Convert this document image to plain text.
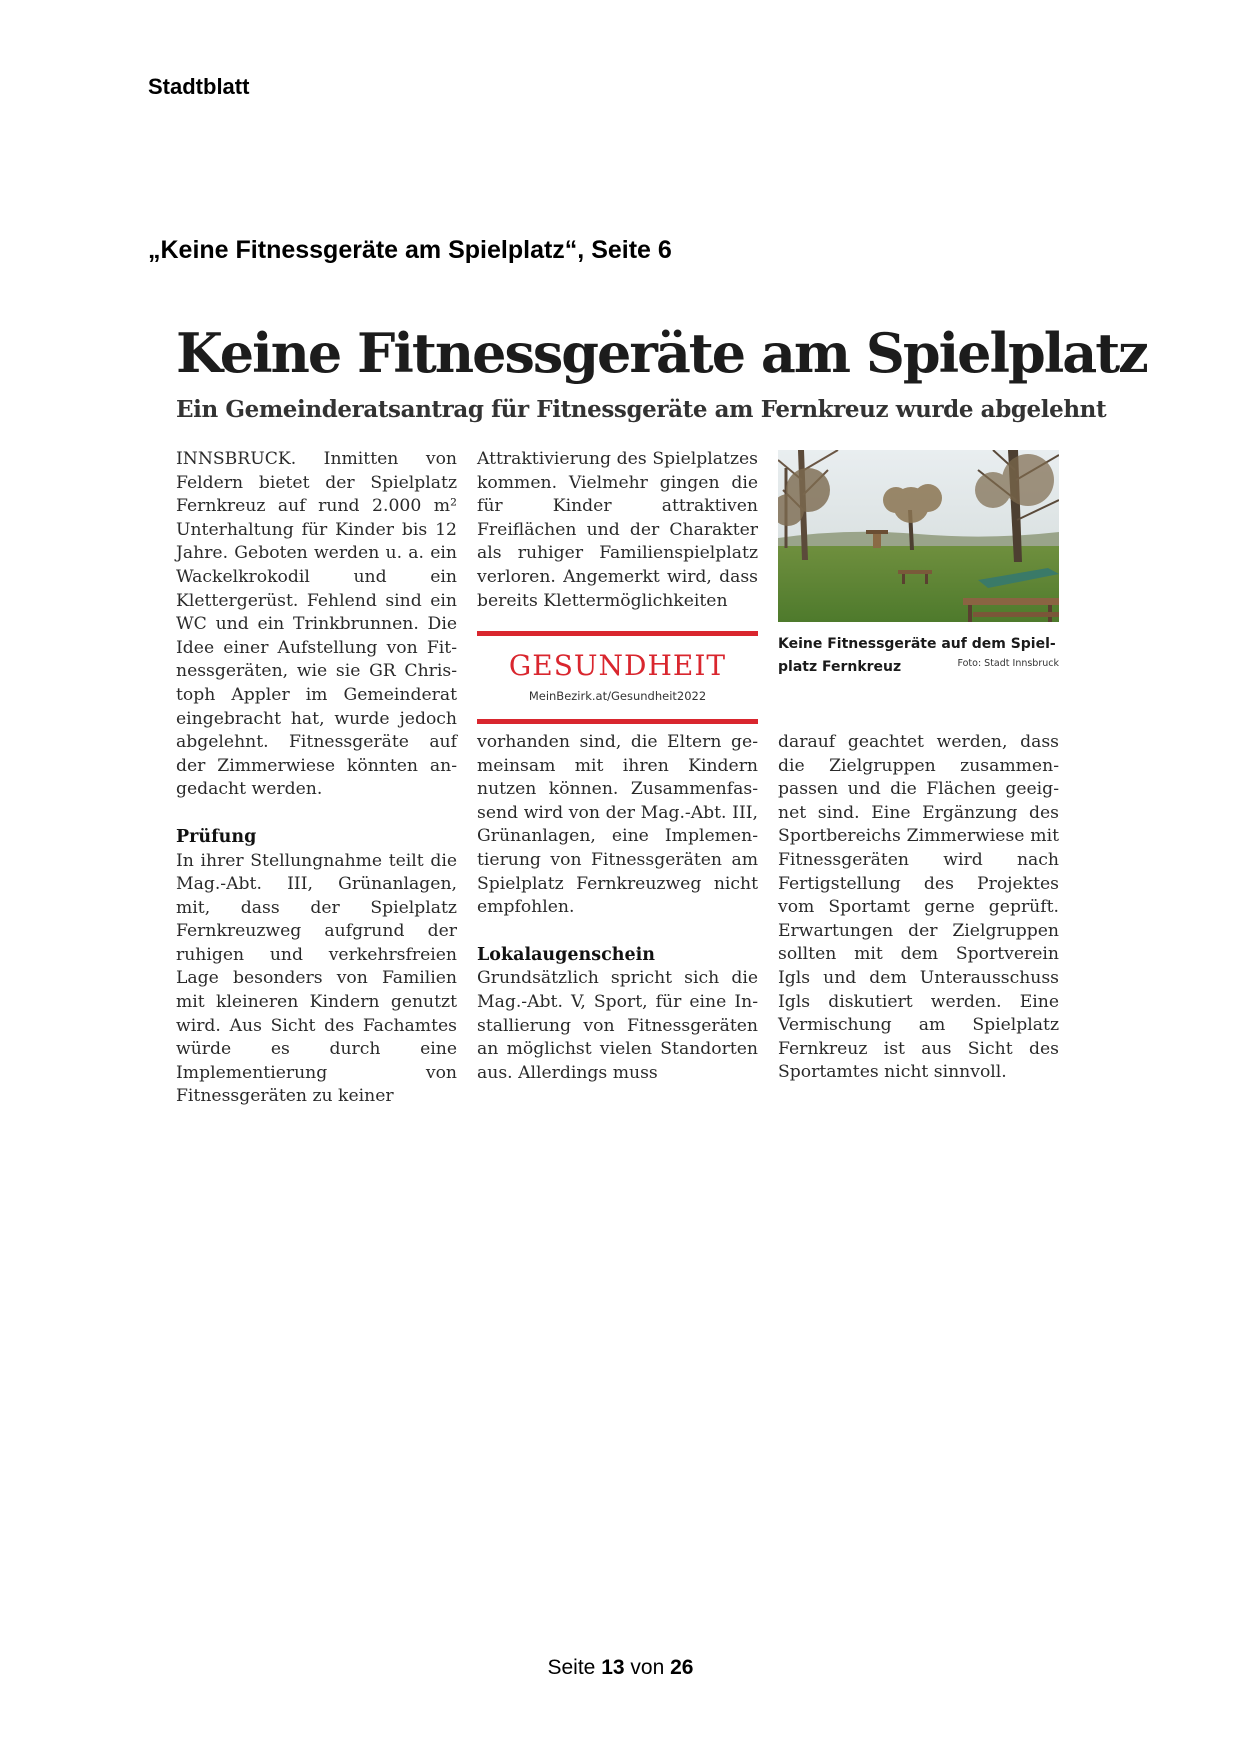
Stadtblatt
„Keine Fitnessgeräte am Spielplatz“, Seite 6
Keine Fitnessgeräte am Spielplatz
Ein Gemeinderatsantrag für Fitnessgeräte am Fernkreuz wurde abgelehnt

INNSBRUCK. Inmitten von Feldern bietet der Spielplatz Fernkreuz auf rund 2.000 m² Unterhaltung für Kinder bis 12 Jahre. Geboten werden u. a. ein Wackelkrokodil und ein Klettergerüst. Fehlend sind ein WC und ein Trinkbrunnen. Die Idee einer Aufstellung von Fitnessgeräten, wie sie GR Christoph Appler im Gemeinderat eingebracht hat, wurde jedoch abgelehnt. Fitnessgeräte auf der Zimmerwiese könnten angedacht werden.

Prüfung

In ihrer Stellungnahme teilt die Mag.-Abt. III, Grünanlagen, mit, dass der Spielplatz Fernkreuzweg aufgrund der ruhigen und verkehrsfreien Lage besonders von Familien mit kleineren Kindern genutzt wird. Aus Sicht des Fachamtes würde es durch eine Implementierung von Fitnessgeräten zu keiner

Attraktivierung des Spielplatzes kommen. Vielmehr gingen die für Kinder attraktiven Freiflächen und der Charakter als ruhiger Familienspielplatz verloren. Angemerkt wird, dass bereits Klettermöglichkeiten

GESUNDHEIT
MeinBezirk.at/Gesundheit2022

vorhanden sind, die Eltern gemeinsam mit ihren Kindern nutzen können. Zusammenfassend wird von der Mag.-Abt. III, Grünanlagen, eine Implementierung von Fitnessgeräten am Spielplatz Fernkreuzweg nicht empfohlen.

Lokalaugenschein

Grundsätzlich spricht sich die Mag.-Abt. V, Sport, für eine Installierung von Fitnessgeräten an möglichst vielen Standorten aus. Allerdings muss

Keine Fitnessgeräte auf dem Spielplatz Fernkreuz	Foto: Stadt Innsbruck

darauf geachtet werden, dass die Zielgruppen zusammenpassen und die Flächen geeignet sind. Eine Ergänzung des Sportbereichs Zimmerwiese mit Fitnessgeräten wird nach Fertigstellung des Projektes vom Sportamt gerne geprüft. Erwartungen der Zielgruppen sollten mit dem Sportverein Igls und dem Unterausschuss Igls diskutiert werden. Eine Vermischung am Spielplatz Fernkreuz ist aus Sicht des Sportamtes nicht sinnvoll.

Seite 13 von 26
